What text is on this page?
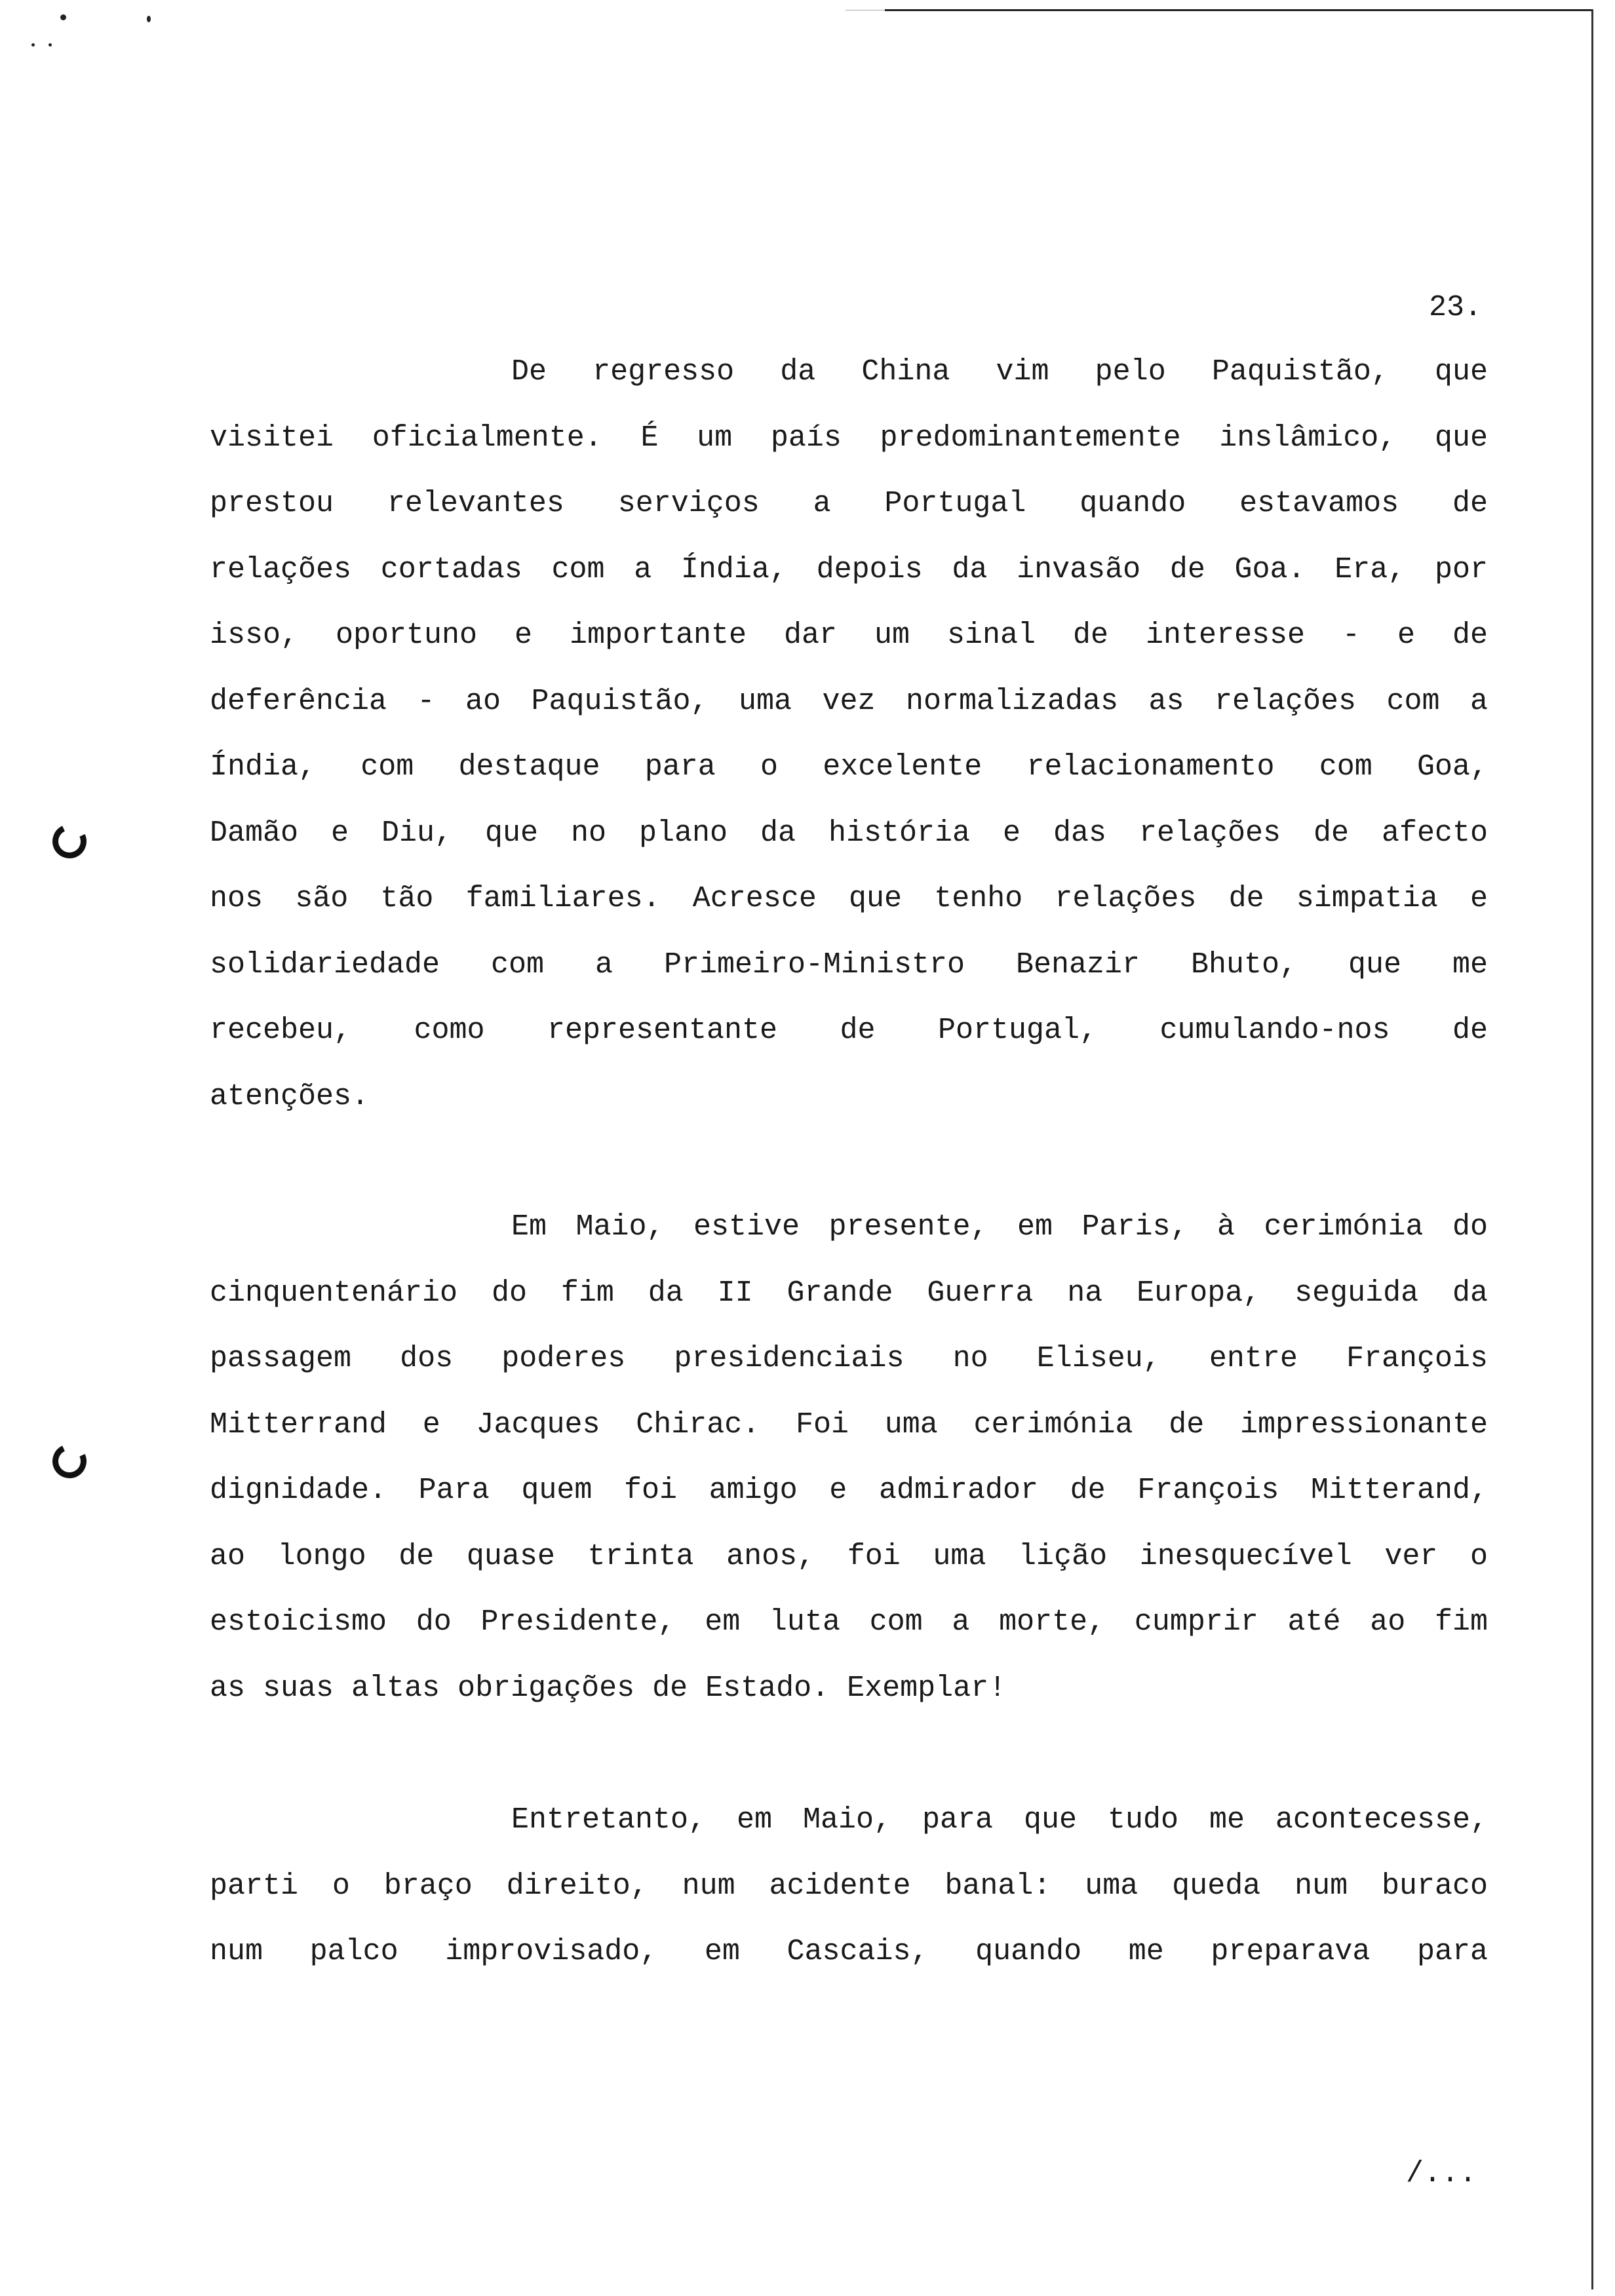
23.
De regresso da China vim pelo Paquistão, que
visitei oficialmente. É um país predominantemente inslâmico, que
prestou relevantes serviços a Portugal quando estavamos de
relações cortadas com a Índia, depois da invasão de Goa. Era, por
isso, oportuno e importante dar um sinal de interesse - e de
deferência - ao Paquistão, uma vez normalizadas as relações com a
Índia, com destaque para o excelente relacionamento com Goa,
Damão e Diu, que no plano da história e das relações de afecto
nos são tão familiares. Acresce que tenho relações de simpatia e
solidariedade com a Primeiro-Ministro Benazir Bhuto, que me
recebeu, como representante de Portugal, cumulando-nos de
atenções.
Em Maio, estive presente, em Paris, à cerimónia do
cinquentenário do fim da II Grande Guerra na Europa, seguida da
passagem dos poderes presidenciais no Eliseu, entre François
Mitterrand e Jacques Chirac. Foi uma cerimónia de impressionante
dignidade. Para quem foi amigo e admirador de François Mitterand,
ao longo de quase trinta anos, foi uma lição inesquecível ver o
estoicismo do Presidente, em luta com a morte, cumprir até ao fim
as suas altas obrigações de Estado. Exemplar!
Entretanto, em Maio, para que tudo me acontecesse,
parti o braço direito, num acidente banal: uma queda num buraco
num palco improvisado, em Cascais, quando me preparava para
/...
